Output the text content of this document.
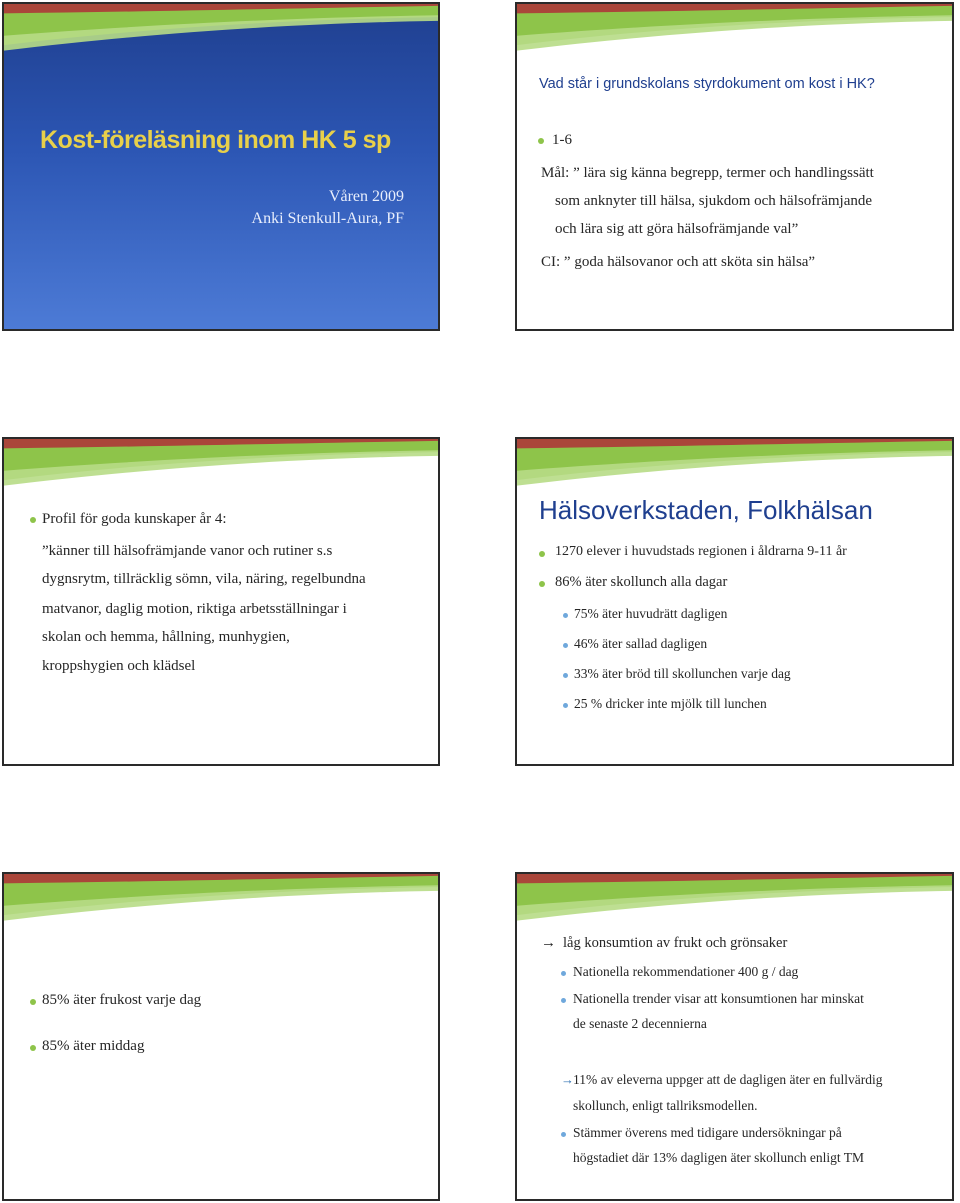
Kost-föreläsning inom HK 5 sp
Våren 2009
Anki Stenkull-Aura, PF
Vad står i grundskolans styrdokument om kost i HK?
1-6
Mål: ” lära sig känna begrepp, termer och handlingssätt
som anknyter till hälsa, sjukdom och hälsofrämjande
och lära sig att göra hälsofrämjande val”
CI: ” goda hälsovanor och att sköta sin hälsa”
Profil för goda kunskaper år 4:
”känner till hälsofrämjande vanor och rutiner s.s
dygnsrytm, tillräcklig sömn, vila, näring, regelbundna
matvanor, daglig motion, riktiga arbetsställningar i
skolan och hemma, hållning, munhygien,
kroppshygien och klädsel
Hälsoverkstaden, Folkhälsan
1270 elever i huvudstads regionen i åldrarna 9-11 år
86% äter skollunch alla dagar
75% äter huvudrätt dagligen
46% äter sallad dagligen
33% äter bröd till skollunchen varje dag
25 % dricker inte mjölk till lunchen
85% äter frukost varje dag
85% äter middag
→ låg konsumtion av frukt och grönsaker
Nationella rekommendationer 400 g / dag
Nationella trender visar att konsumtionen har minskat
de senaste 2 decennierna
→ 11% av eleverna uppger att de dagligen äter en fullvärdig
skollunch, enligt tallriksmodellen.
Stämmer överens med tidigare undersökningar på
högstadiet där 13% dagligen äter skollunch enligt TM
